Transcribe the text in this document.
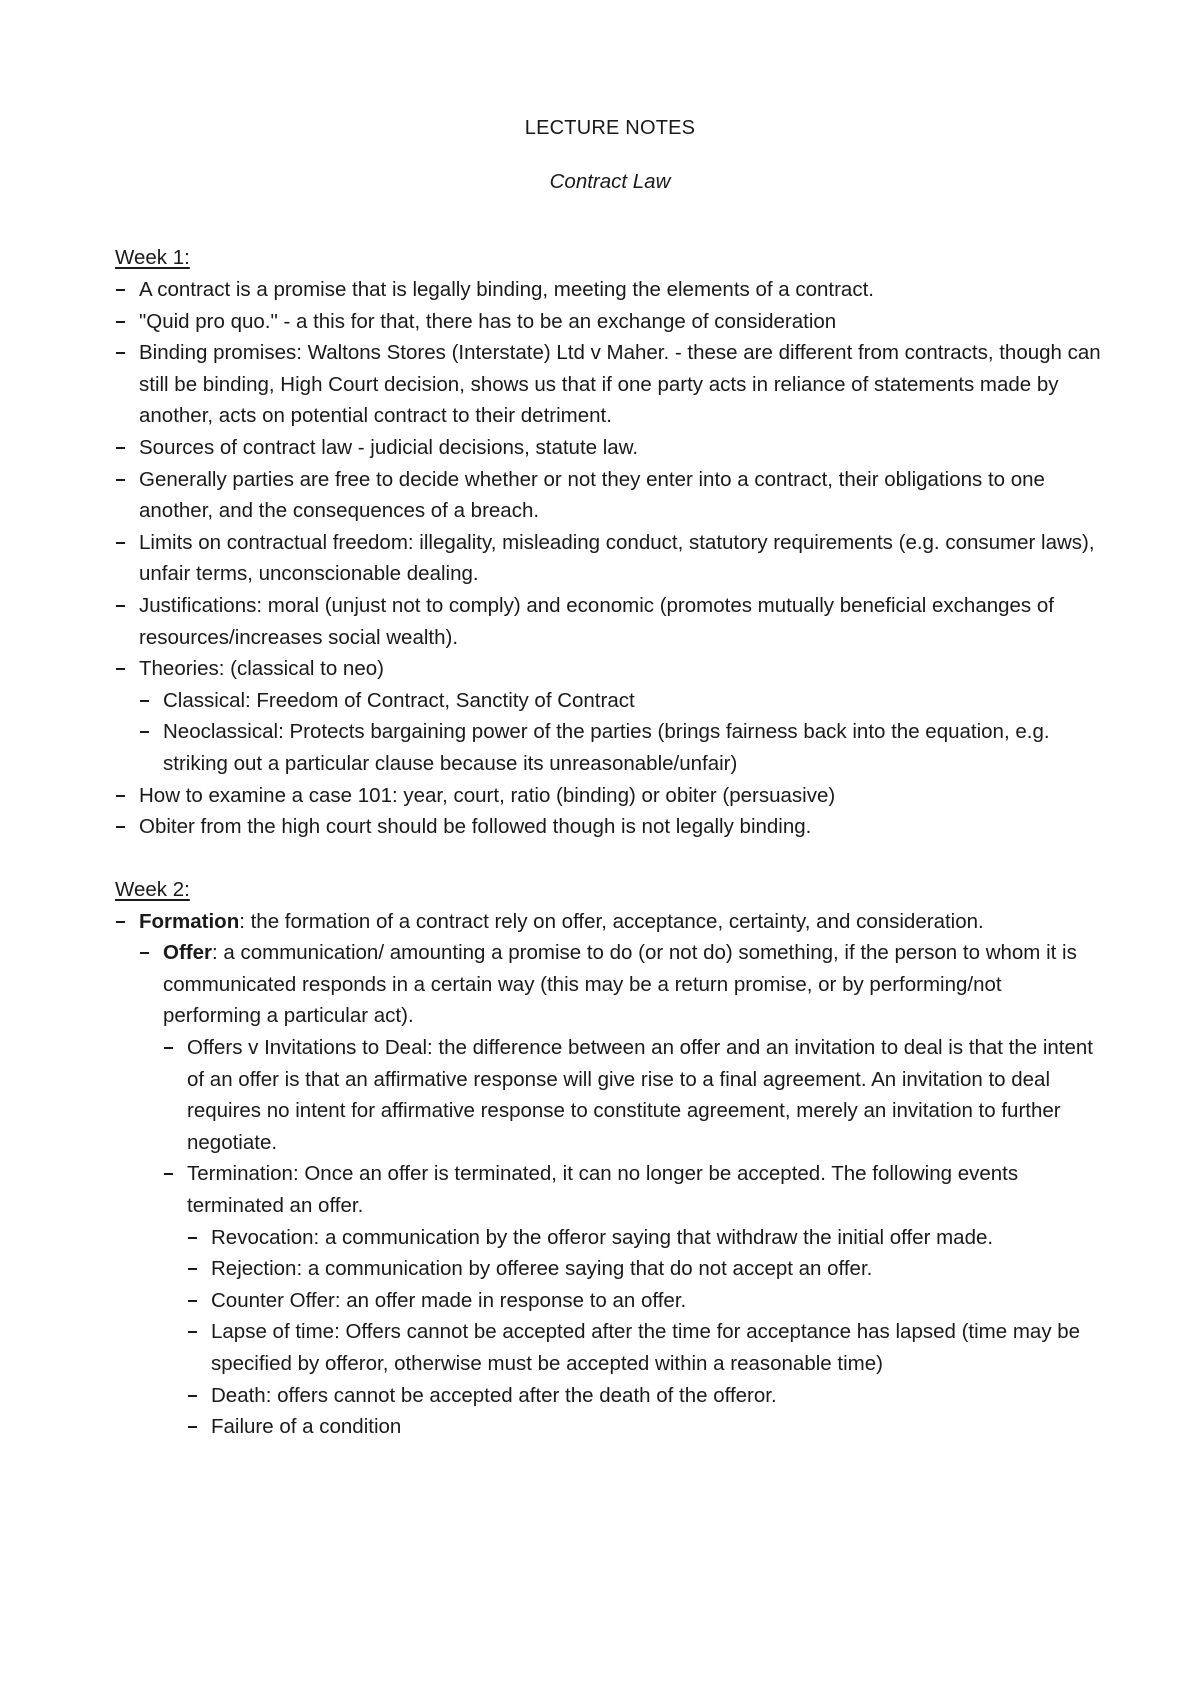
LECTURE NOTES
Contract Law
Week 1:
A contract is a promise that is legally binding, meeting the elements of a contract.
"Quid pro quo." - a this for that, there has to be an exchange of consideration
Binding promises: Waltons Stores (Interstate) Ltd v Maher. - these are different from contracts, though can still be binding, High Court decision, shows us that if one party acts in reliance of statements made by another, acts on potential contract to their detriment.
Sources of contract law - judicial decisions, statute law.
Generally parties are free to decide whether or not they enter into a contract, their obligations to one another, and the consequences of a breach.
Limits on contractual freedom: illegality, misleading conduct, statutory requirements (e.g. consumer laws), unfair terms, unconscionable dealing.
Justifications: moral (unjust not to comply) and economic (promotes mutually beneficial exchanges of resources/increases social wealth).
Theories: (classical to neo)
Classical: Freedom of Contract, Sanctity of Contract
Neoclassical: Protects bargaining power of the parties (brings fairness back into the equation, e.g. striking out a particular clause because its unreasonable/unfair)
How to examine a case 101: year, court, ratio (binding) or obiter (persuasive)
Obiter from the high court should be followed though is not legally binding.
Week 2:
Formation: the formation of a contract rely on offer, acceptance, certainty, and consideration.
Offer: a communication/ amounting a promise to do (or not do) something, if the person to whom it is communicated responds in a certain way (this may be a return promise, or by performing/not performing a particular act).
Offers v Invitations to Deal: the difference between an offer and an invitation to deal is that the intent of an offer is that an affirmative response will give rise to a final agreement. An invitation to deal requires no intent for affirmative response to constitute agreement, merely an invitation to further negotiate.
Termination: Once an offer is terminated, it can no longer be accepted. The following events terminated an offer.
Revocation: a communication by the offeror saying that withdraw the initial offer made.
Rejection: a communication by offeree saying that do not accept an offer.
Counter Offer: an offer made in response to an offer.
Lapse of time: Offers cannot be accepted after the time for acceptance has lapsed (time may be specified by offeror, otherwise must be accepted within a reasonable time)
Death: offers cannot be accepted after the death of the offeror.
Failure of a condition
